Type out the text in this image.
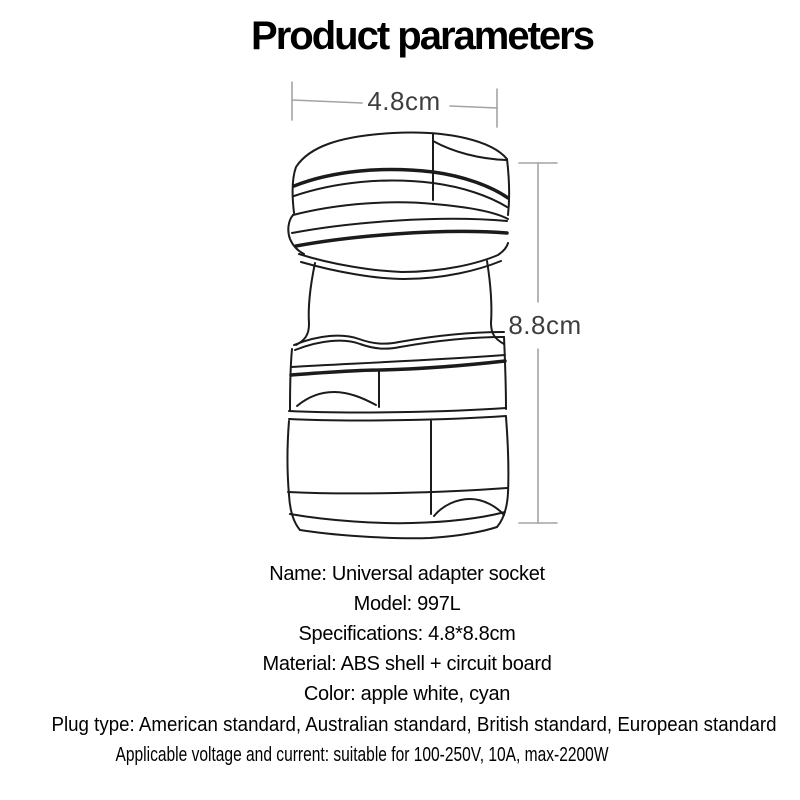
Product parameters
4.8cm
8.8cm
Name: Universal adapter socket
Model: 997L
Specifications: 4.8*8.8cm
Material: ABS shell + circuit board
Color: apple white, cyan
Plug type: American standard, Australian standard, British standard, European standard
Applicable voltage and current: suitable for 100-250V, 10A, max-2200W
